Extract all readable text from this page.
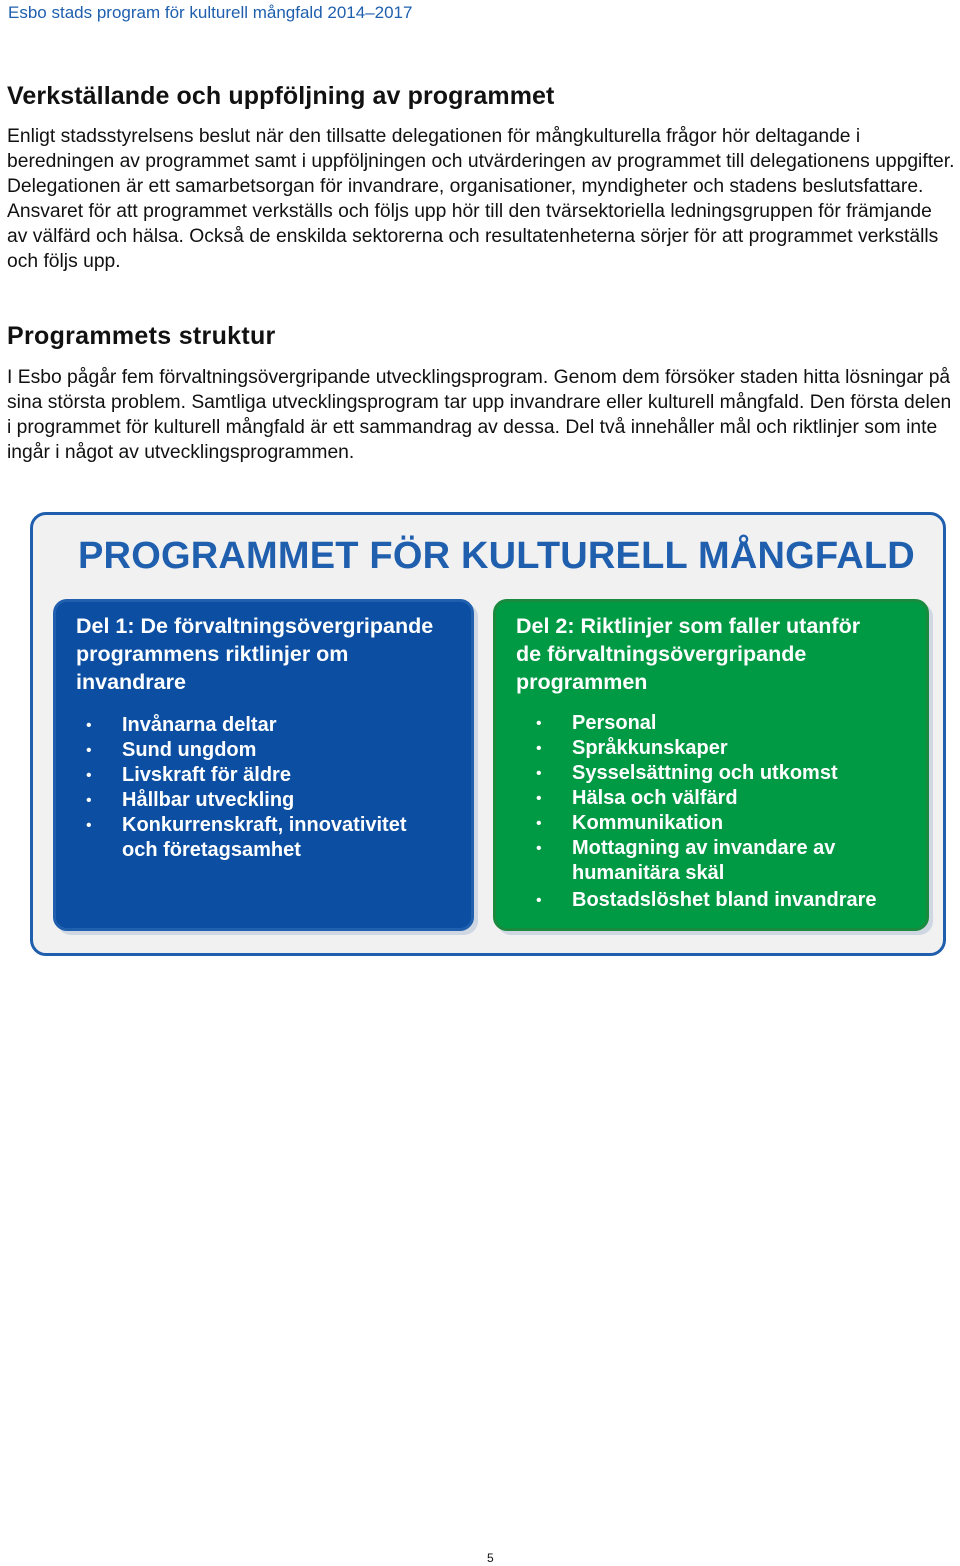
Esbo stads program för kulturell mångfald 2014–2017
Verkställande och uppföljning av programmet

Enligt stadsstyrelsens beslut när den tillsatte delegationen för mångkulturella frågor hör deltagande i beredningen av programmet samt i uppföljningen och utvärderingen av programmet till delegationens uppgifter. Delegationen är ett samarbetsorgan för invandrare, organisationer, myndigheter och stadens beslutsfattare. Ansvaret för att programmet verkställs och följs upp hör till den tvärsektoriella ledningsgruppen för främjande av välfärd och hälsa. Också de enskilda sektorerna och resultatenheterna sörjer för att programmet verkställs och följs upp.

Programmets struktur

I Esbo pågår fem förvaltningsövergripande utvecklingsprogram. Genom dem försöker staden hitta lösningar på sina största problem. Samtliga utvecklingsprogram tar upp invandrare eller kulturell mångfald. Den första delen i programmet för kulturell mångfald är ett sammandrag av dessa. Del två innehåller mål och riktlinjer som inte ingår i något av utvecklingsprogrammen.

PROGRAMMET FÖR KULTURELL MÅNGFALD
Del 1: De förvaltningsövergripande
programmens riktlinjer om
invandrare
• Invånarna deltar
• Sund ungdom
• Livskraft för äldre
• Hållbar utveckling
• Konkurrenskraft, innovativitet
och företagsamhet
Del 2: Riktlinjer som faller utanför
de förvaltningsövergripande
programmen
• Personal
• Språkkunskaper
• Sysselsättning och utkomst
• Hälsa och välfärd
• Kommunikation
• Mottagning av invandare av
humanitära skäl
• Bostadslöshet bland invandrare
5
